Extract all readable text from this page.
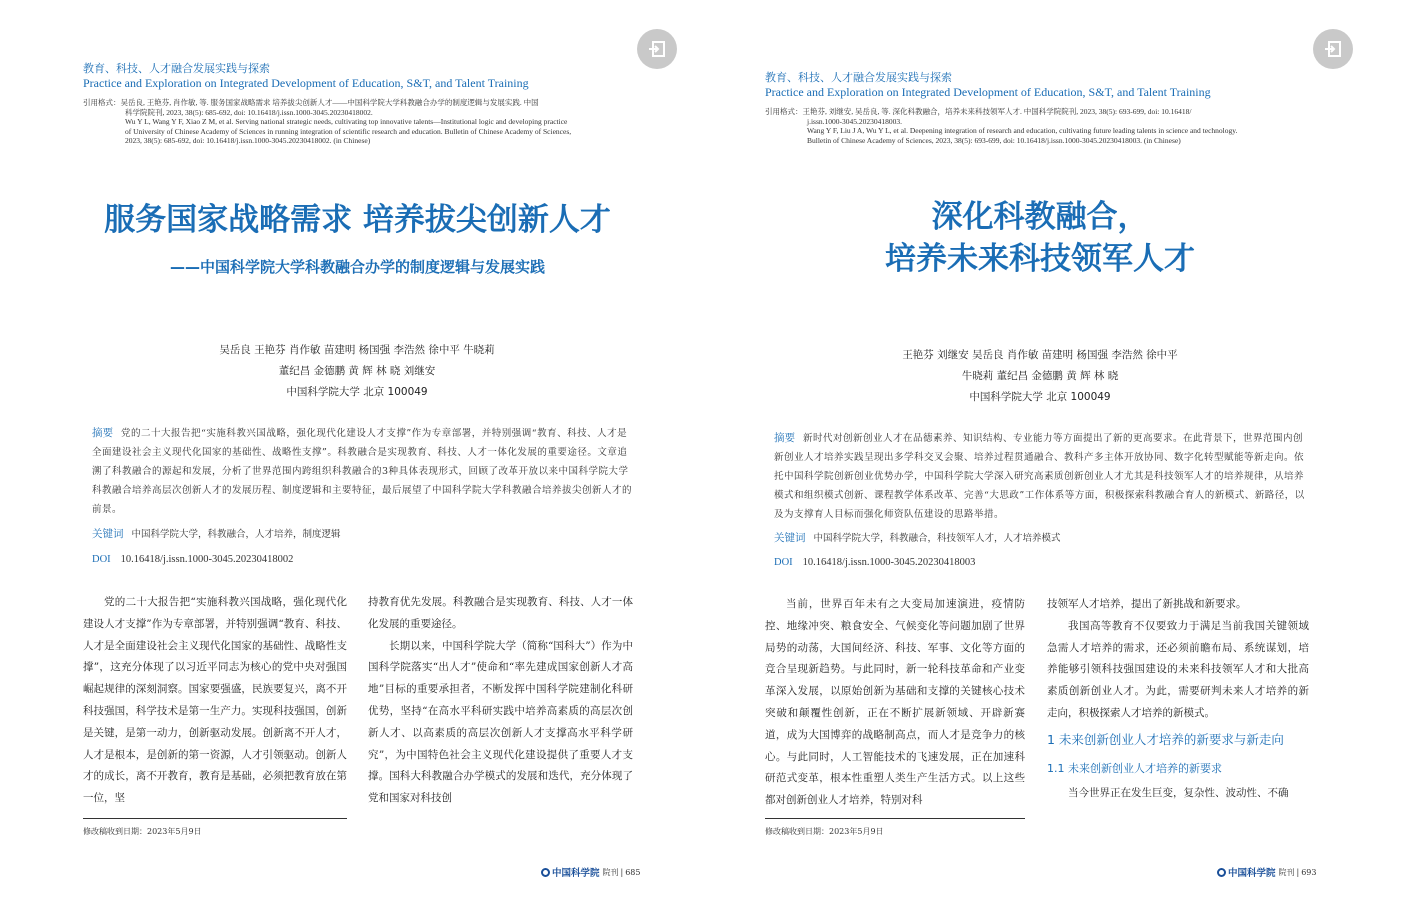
教育、科技、人才融合发展实践与探索
Practice and Exploration on Integrated Development of Education, S&T, and Talent Training
引用格式：吴岳良, 王艳芬, 肖作敏, 等. 服务国家战略需求 培养拔尖创新人才——中国科学院大学科教融合办学的制度逻辑与发展实践. 中国
科学院院刊, 2023, 38(5): 685-692, doi: 10.16418/j.issn.1000-3045.20230418002.
Wu Y L, Wang Y F, Xiao Z M, et al. Serving national strategic needs, cultivating top innovative talents—Institutional logic and developing practice
of University of Chinese Academy of Sciences in running integration of scientific research and education. Bulletin of Chinese Academy of Sciences,
2023, 38(5): 685-692, doi: 10.16418/j.issn.1000-3045.20230418002. (in Chinese)
服务国家战略需求 培养拔尖创新人才
——中国科学院大学科教融合办学的制度逻辑与发展实践
吴岳良 王艳芬 肖作敏 苗建明 杨国强 李浩然 徐中平 牛晓莉
董纪昌 金德鹏 黄 辉 林 晓 刘继安
中国科学院大学 北京 100049
摘要 党的二十大报告把“实施科教兴国战略，强化现代化建设人才支撑”作为专章部署，并特别强调“教育、科技、人才是全面建设社会主义现代化国家的基础性、战略性支撑”。科教融合是实现教育、科技、人才一体化发展的重要途径。文章追溯了科教融合的源起和发展，分析了世界范围内跨组织科教融合的3种具体表现形式，回顾了改革开放以来中国科学院大学科教融合培养高层次创新人才的发展历程、制度逻辑和主要特征，最后展望了中国科学院大学科教融合培养拔尖创新人才的前景。
关键词 中国科学院大学，科教融合，人才培养，制度逻辑
DOI 10.16418/j.issn.1000-3045.20230418002

党的二十大报告把“实施科教兴国战略，强化现代化建设人才支撑”作为专章部署，并特别强调“教育、科技、人才是全面建设社会主义现代化国家的基础性、战略性支撑”，这充分体现了以习近平同志为核心的党中央对强国崛起规律的深刻洞察。国家要强盛，民族要复兴，离不开科技强国，科学技术是第一生产力。实现科技强国，创新是关键，是第一动力，创新驱动发展。创新离不开人才，人才是根本，是创新的第一资源，人才引领驱动。创新人才的成长，离不开教育，教育是基础，必须把教育放在第一位，坚

持教育优先发展。科教融合是实现教育、科技、人才一体化发展的重要途径。

长期以来，中国科学院大学（简称“国科大”）作为中国科学院落实“出人才”使命和“率先建成国家创新人才高地”目标的重要承担者，不断发挥中国科学院建制化科研优势，坚持“在高水平科研实践中培养高素质的高层次创新人才、以高素质的高层次创新人才支撑高水平科学研究”，为中国特色社会主义现代化建设提供了重要人才支撑。国科大科教融合办学模式的发展和迭代，充分体现了党和国家对科技创

修改稿收到日期：2023年5月9日
中国科学院 院刊 | 685
教育、科技、人才融合发展实践与探索
Practice and Exploration on Integrated Development of Education, S&T, and Talent Training
引用格式：王艳芬, 刘继安, 吴岳良, 等. 深化科教融合，培养未来科技领军人才. 中国科学院院刊, 2023, 38(5): 693-699, doi: 10.16418/
j.issn.1000-3045.20230418003.
Wang Y F, Liu J A, Wu Y L, et al. Deepening integration of research and education, cultivating future leading talents in science and technology.
Bulletin of Chinese Academy of Sciences, 2023, 38(5): 693-699, doi: 10.16418/j.issn.1000-3045.20230418003. (in Chinese)
深化科教融合，
培养未来科技领军人才
王艳芬 刘继安 吴岳良 肖作敏 苗建明 杨国强 李浩然 徐中平
牛晓莉 董纪昌 金德鹏 黄 辉 林 晓
中国科学院大学 北京 100049
摘要 新时代对创新创业人才在品德素养、知识结构、专业能力等方面提出了新的更高要求。在此背景下，世界范围内创新创业人才培养实践呈现出多学科交叉会聚、培养过程贯通融合、教科产多主体开放协同、数字化转型赋能等新走向。依托中国科学院创新创业优势办学，中国科学院大学深入研究高素质创新创业人才尤其是科技领军人才的培养规律，从培养模式和组织模式创新、课程教学体系改革、完善“大思政”工作体系等方面，积极探索科教融合育人的新模式、新路径，以及为支撑育人目标而强化师资队伍建设的思路举措。
关键词 中国科学院大学，科教融合，科技领军人才，人才培养模式
DOI 10.16418/j.issn.1000-3045.20230418003

当前，世界百年未有之大变局加速演进，疫情防控、地缘冲突、粮食安全、气候变化等问题加剧了世界局势的动荡，大国间经济、科技、军事、文化等方面的竞合呈现新趋势。与此同时，新一轮科技革命和产业变革深入发展，以原始创新为基础和支撑的关键核心技术突破和颠覆性创新，正在不断扩展新领域、开辟新赛道，成为大国博弈的战略制高点，而人才是竞争力的核心。与此同时，人工智能技术的飞速发展，正在加速科研范式变革，根本性重塑人类生产生活方式。以上这些都对创新创业人才培养，特别对科

技领军人才培养，提出了新挑战和新要求。

我国高等教育不仅要致力于满足当前我国关键领域急需人才培养的需求，还必须前瞻布局、系统谋划，培养能够引领科技强国建设的未来科技领军人才和大批高素质创新创业人才。为此，需要研判未来人才培养的新走向，积极探索人才培养的新模式。

1 未来创新创业人才培养的新要求与新走向
1.1 未来创新创业人才培养的新要求

当今世界正在发生巨变，复杂性、波动性、不确

修改稿收到日期：2023年5月9日
中国科学院 院刊 | 693
